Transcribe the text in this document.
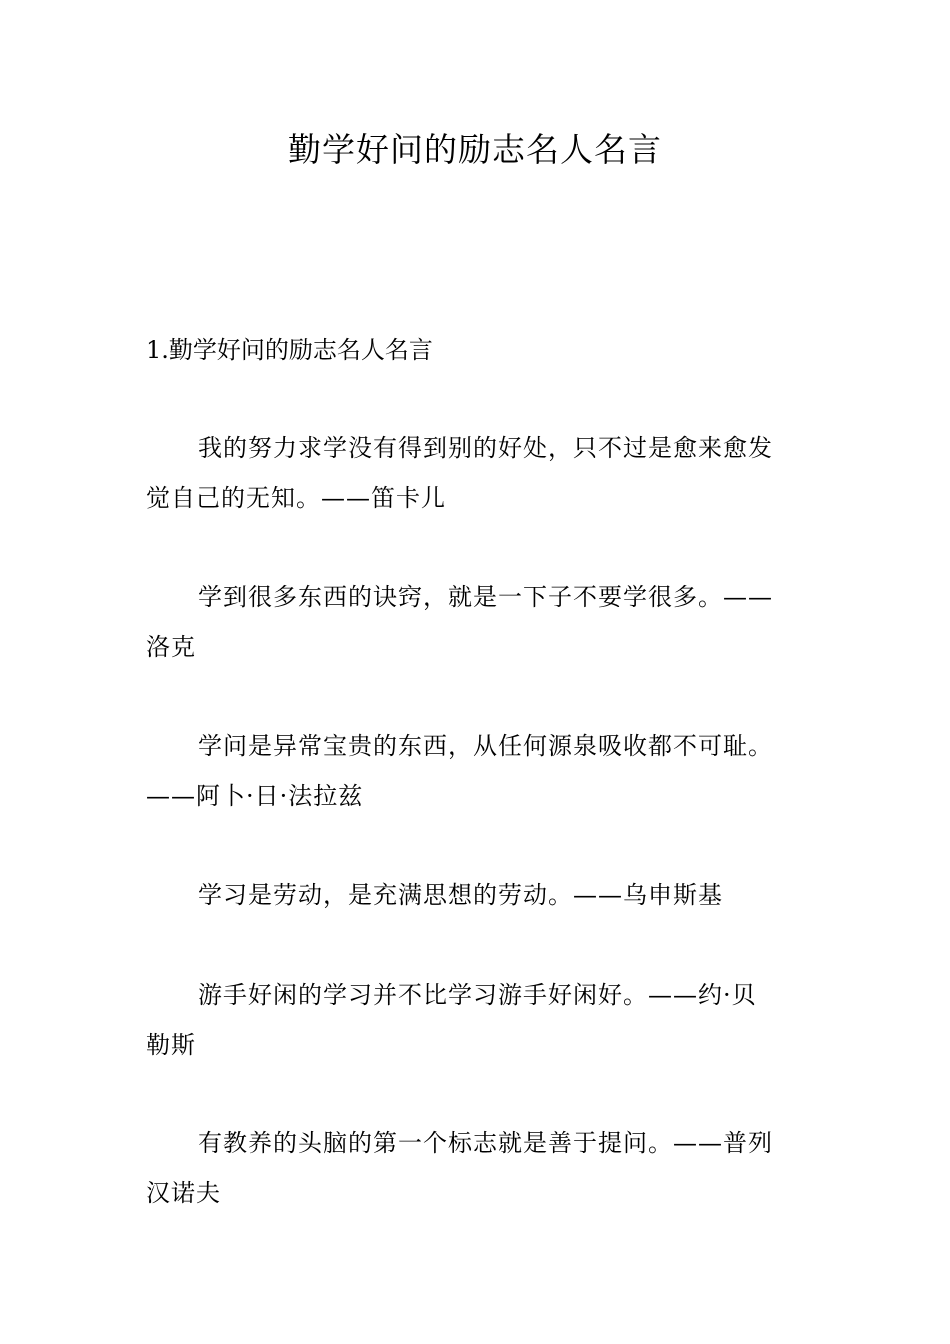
勤学好问的励志名人名言
1.勤学好问的励志名人名言

我的努力求学没有得到别的好处，只不过是愈来愈发
觉自己的无知。——笛卡儿

学到很多东西的诀窍，就是一下子不要学很多。——
洛克

学问是异常宝贵的东西，从任何源泉吸收都不可耻。
——阿卜·日·法拉兹

学习是劳动，是充满思想的劳动。——乌申斯基

游手好闲的学习并不比学习游手好闲好。——约·贝
勒斯

有教养的头脑的第一个标志就是善于提问。——普列
汉诺夫
